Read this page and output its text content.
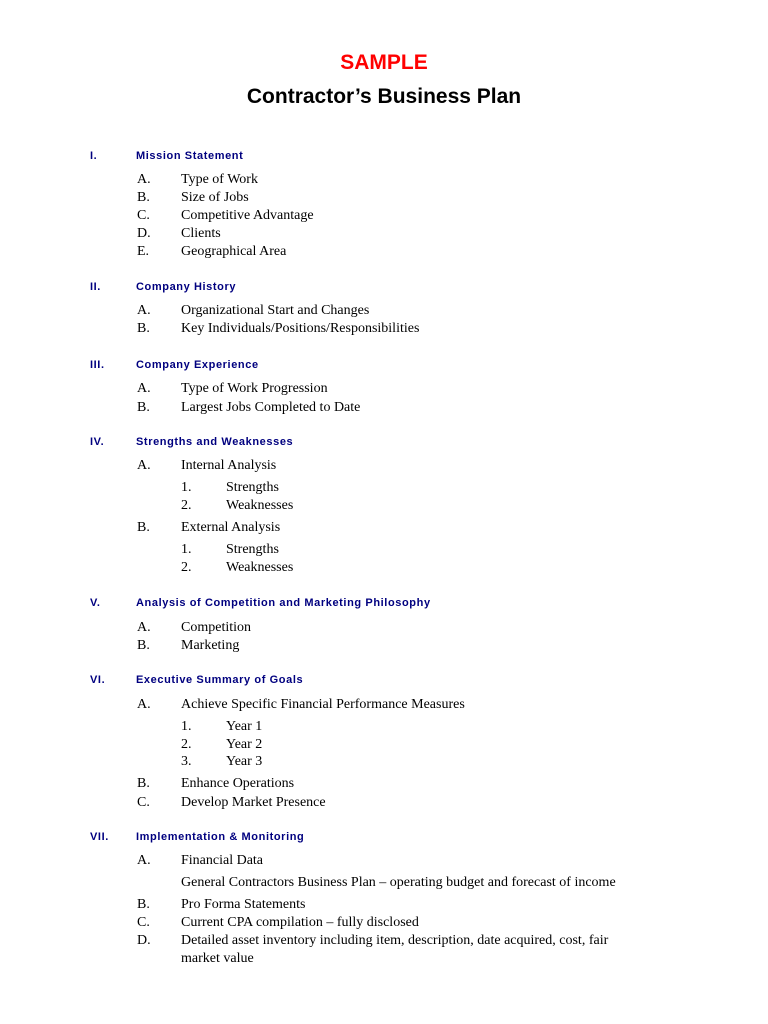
SAMPLE
Contractor’s Business Plan
I.	Mission Statement
A. Type of Work
B. Size of Jobs
C. Competitive Advantage
D. Clients
E. Geographical Area
II.	Company History
A. Organizational Start and Changes
B. Key Individuals/Positions/Responsibilities
III.	Company Experience
A. Type of Work Progression
B. Largest Jobs Completed to Date
IV.	Strengths and Weaknesses
A. Internal Analysis
1. Strengths
2. Weaknesses
B. External Analysis
1. Strengths
2. Weaknesses
V.	Analysis of Competition and Marketing Philosophy
A. Competition
B. Marketing
VI.	Executive Summary of Goals
A. Achieve Specific Financial Performance Measures
1. Year 1
2. Year 2
3. Year 3
B. Enhance Operations
C. Develop Market Presence
VII. Implementation & Monitoring
A. Financial Data
General Contractors Business Plan – operating budget and forecast of income
B. Pro Forma Statements
C. Current CPA compilation – fully disclosed
D. Detailed asset inventory including item, description, date acquired, cost, fair
market value
